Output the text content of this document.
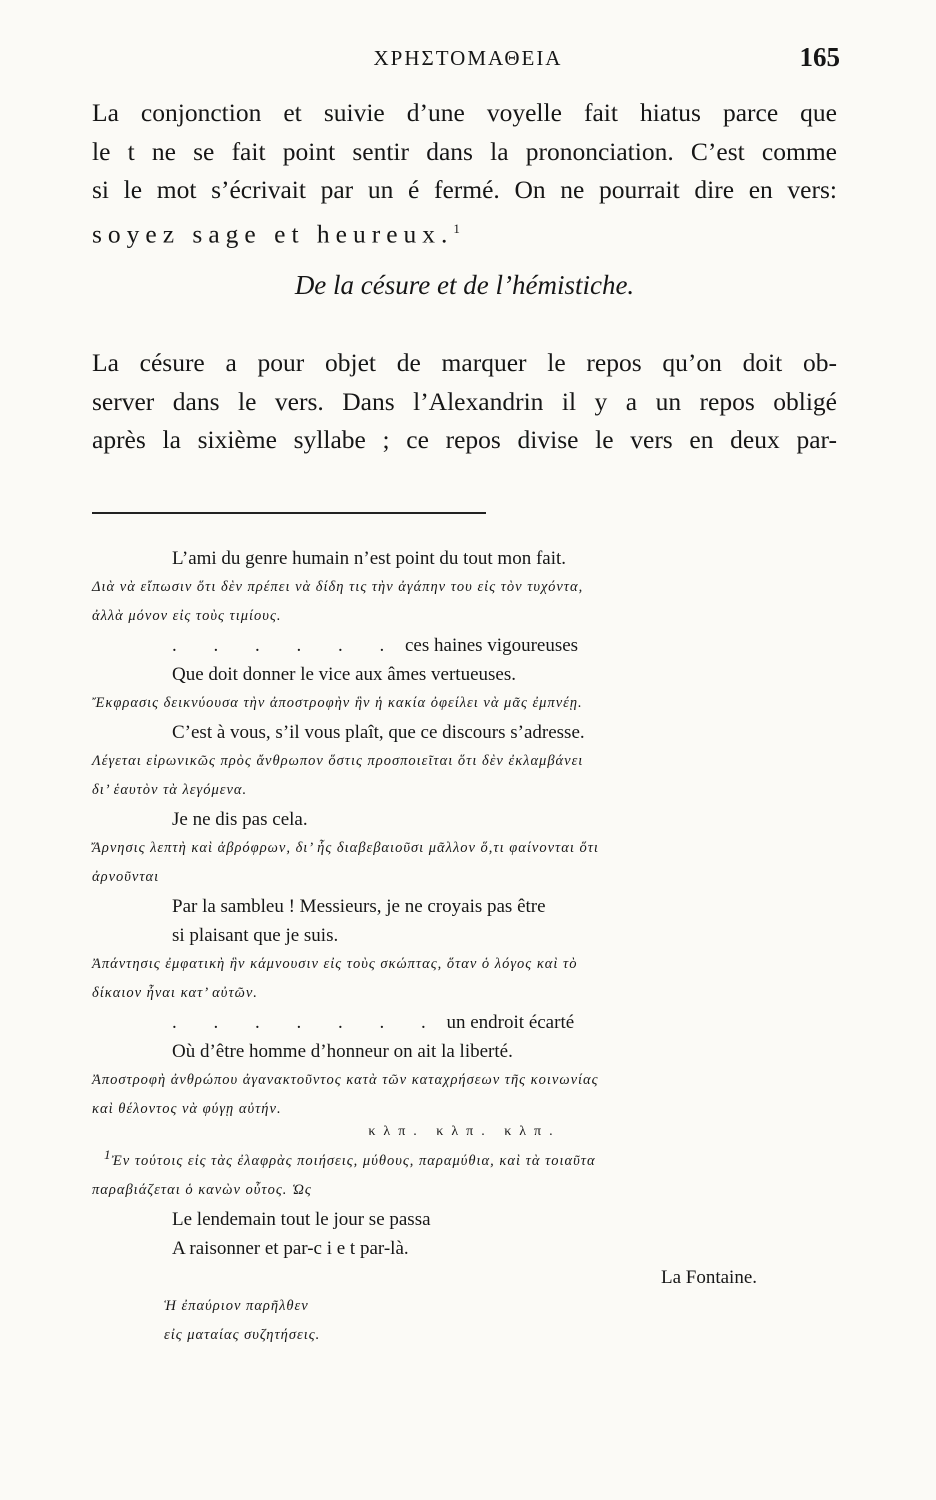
ΧΡΗΣΤΟΜΑΘΕΙΑ	165

La conjonction et suivie d’une voyelle fait hiatus parce que
le t ne se fait point sentir dans la prononciation. C’est comme
si le mot s’écrivait par un é fermé. On ne pourrait dire en vers:
soyez sage et heureux.$^1$

De la césure et de l’hémistiche.

La césure a pour objet de marquer le repos qu’on doit ob-
server dans le vers. Dans l’Alexandrin il y a un repos obligé
après la sixième syllabe ; ce repos divise le vers en deux par-

L’ami du genre humain n’est point du tout mon fait.
Διὰ νὰ εἴπωσιν ὅτι δὲν πρέπει νὰ δίδη τις τὴν ἀγάπην του εἰς τὸν τυχόντα,
ἀλλὰ μόνον εἰς τοὺς τιμίους.
. . . . . . ces haines vigoureuses
Que doit donner le vice aux âmes vertueuses.
Ἔκφρασις δεικνύουσα τὴν ἀποστροφὴν ἣν ἡ κακία ὀφείλει νὰ μᾶς ἐμπνέῃ.
C’est à vous, s’il vous plaît, que ce discours s’adresse.
Λέγεται εἰρωνικῶς πρὸς ἄνθρωπον ὅστις προσποιεῖται ὅτι δὲν ἐκλαμβάνει
δι’ ἑαυτὸν τὰ λεγόμενα.
Je ne dis pas cela.
Ἄρνησις λεπτὴ καὶ ἀβρόφρων, δι’ ἧς διαβεβαιοῦσι μᾶλλον ὅ,τι φαίνονται ὅτι
ἀρνοῦνται
Par la sambleu ! Messieurs, je ne croyais pas être
si plaisant que je suis.
Ἀπάντησις ἐμφατικὴ ἣν κάμνουσιν εἰς τοὺς σκώπτας, ὅταν ὁ λόγος καὶ τὸ
δίκαιον ἦναι κατ’ αὐτῶν.
. . . . . . . un endroit écarté
Où d’être homme d’honneur on ait la liberté.
Ἀποστροφὴ ἀνθρώπου ἀγανακτοῦντος κατὰ τῶν καταχρήσεων τῆς κοινωνίας
καὶ θέλοντος νὰ φύγῃ αὐτήν.
κλπ. κλπ. κλπ.
1Ἐν τούτοις εἰς τὰς ἐλαφρὰς ποιήσεις, μύθους, παραμύθια, καὶ τὰ τοιαῦτα
παραβιάζεται ὁ κανὼν οὗτος. Ὡς
Le lendemain tout le jour se passa
A raisonner et par-c i e t par-là.
La Fontaine.
Ἡ ἐπαύριον παρῆλθεν
εἰς ματαίας συζητήσεις.
